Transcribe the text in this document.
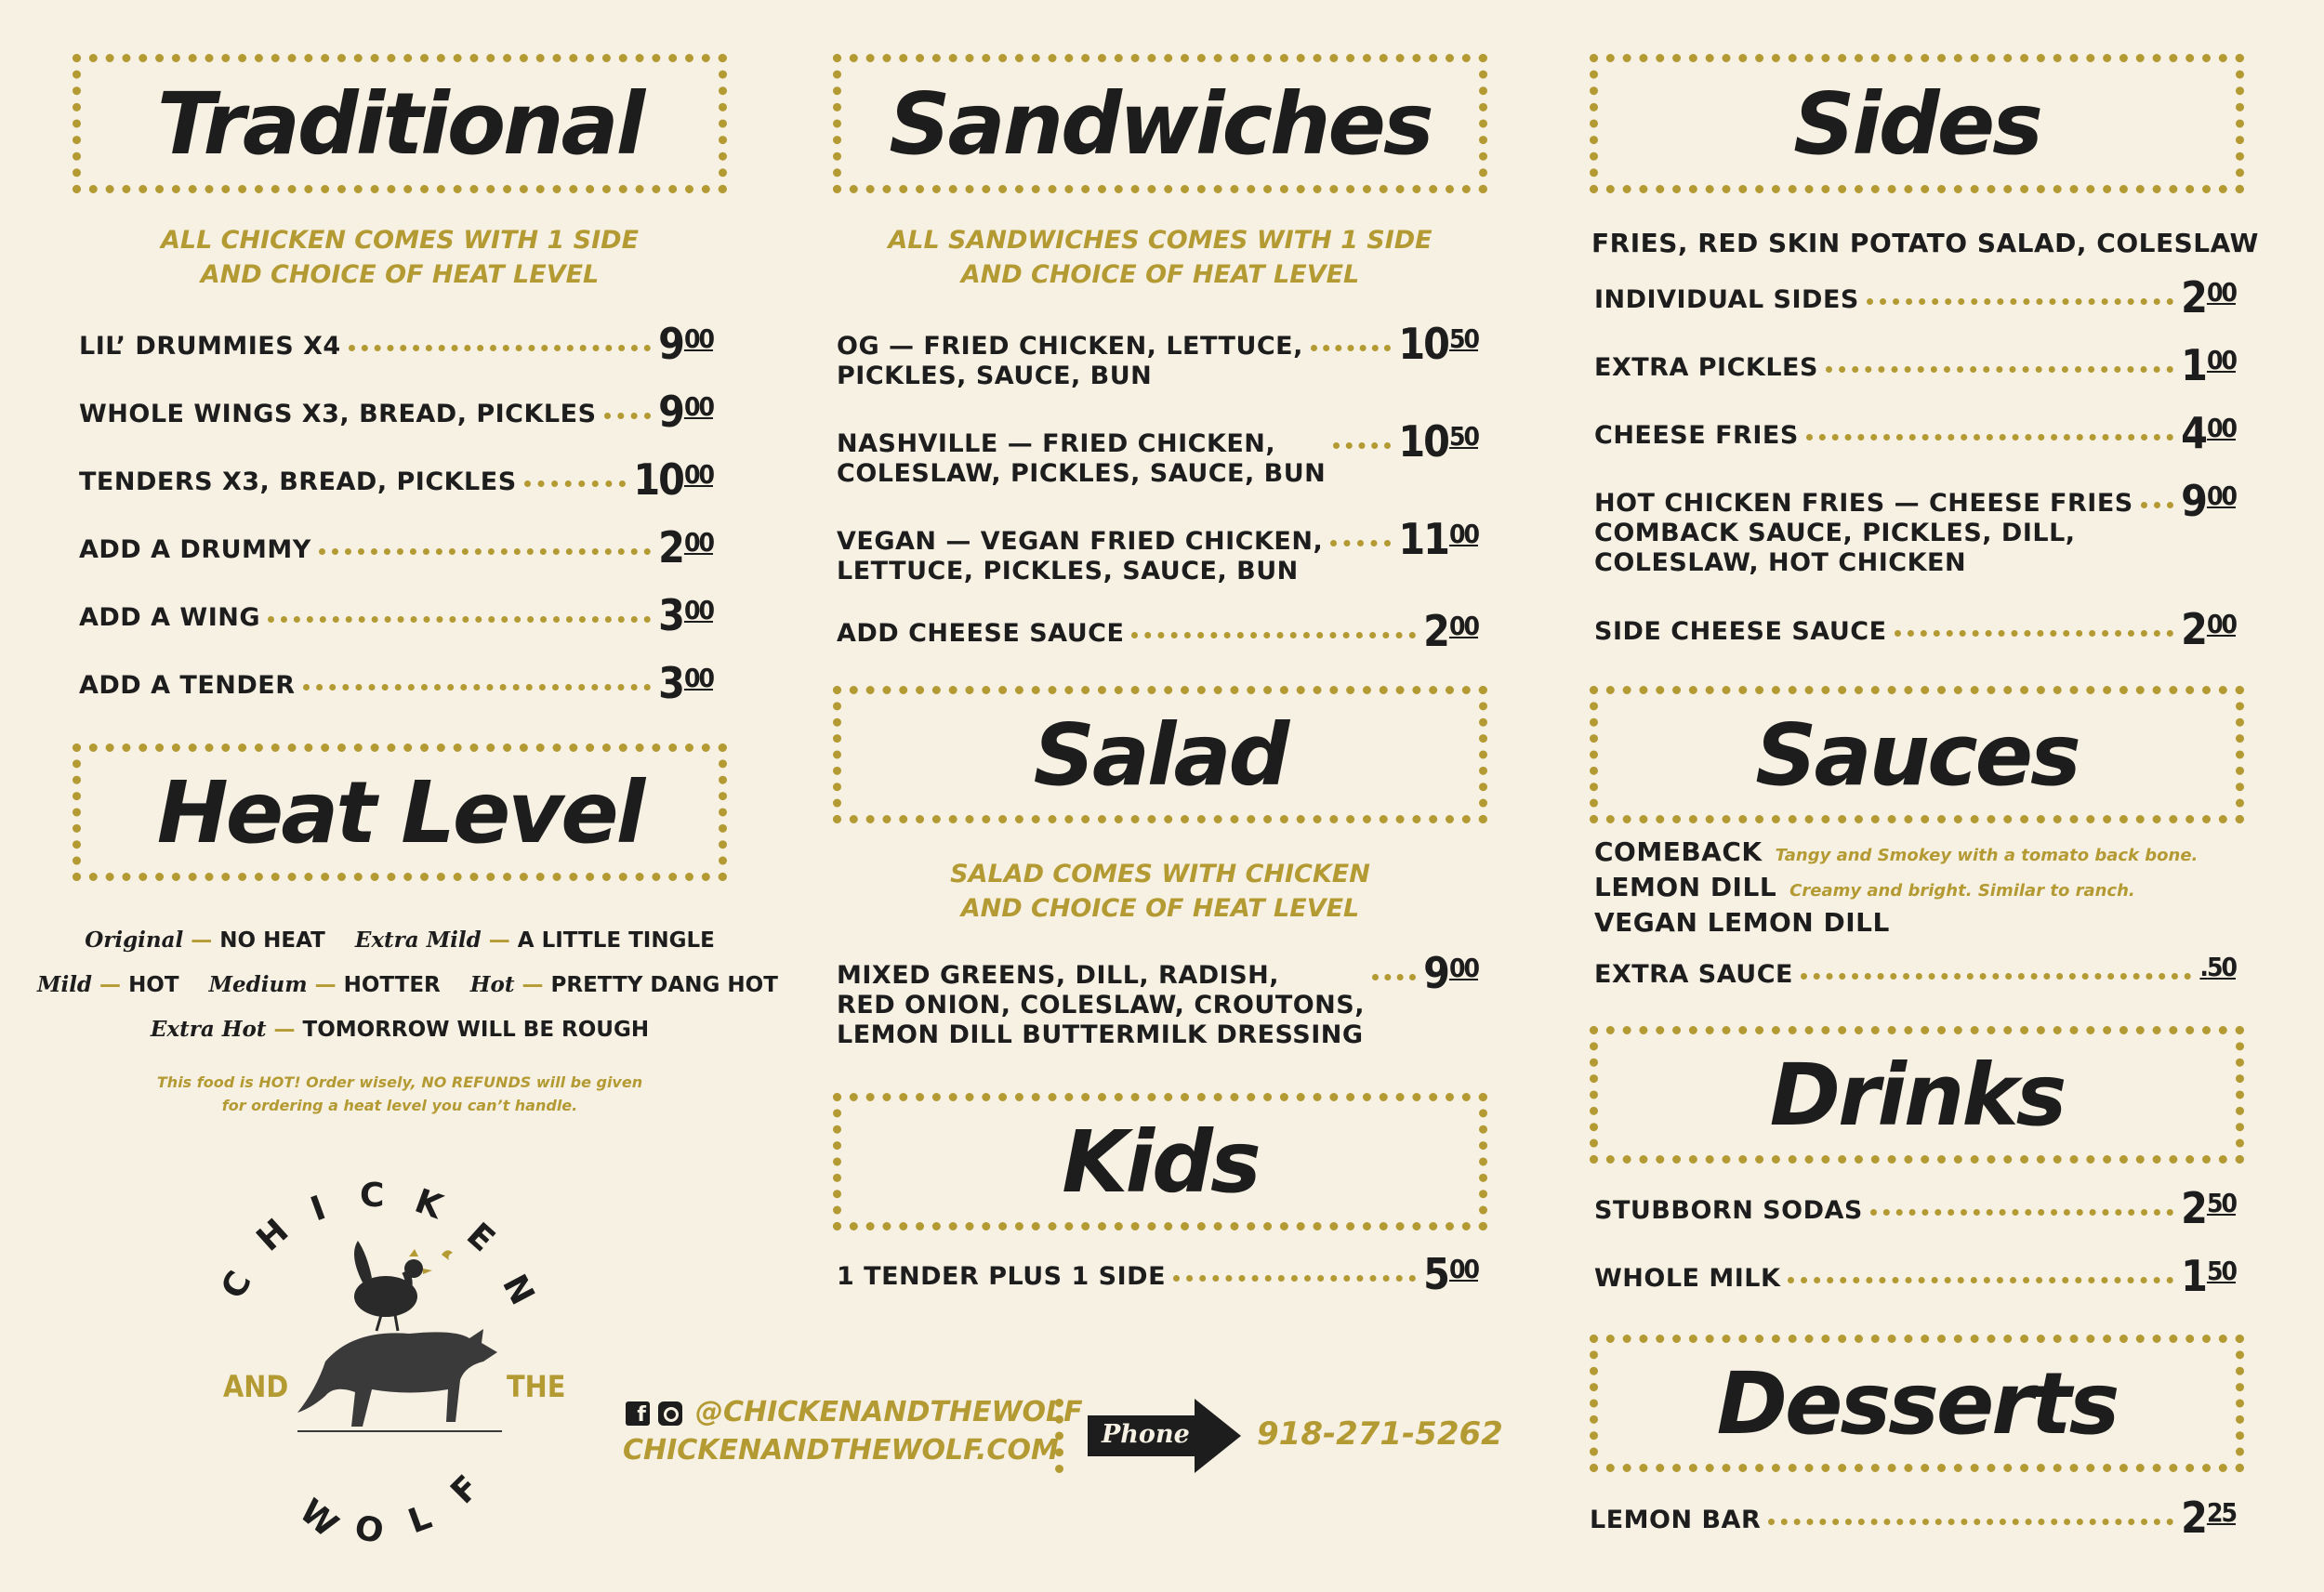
Traditional
ALL CHICKEN COMES WITH 1 SIDE
AND CHOICE OF HEAT LEVEL
LIL’ DRUMMIES X4	9 00
WHOLE WINGS X3, BREAD, PICKLES 9 00
TENDERS X3, BREAD, PICKLES	10 00
ADD A DRUMMY	2 00
ADD A WING	3 00
ADD A TENDER	3 00
Heat Level
Original — NO HEAT Extra Mild — A LITTLE TINGLE
Mild — HOT Medium — HOTTER Hot — PRETTY DANG HOT
Extra Hot — TOMORROW WILL BE ROUGH
This food is HOT! Order wisely, NO REFUNDS will be given
for ordering a heat level you can’t handle.
C
H
I C K
E
N
W O L
F
AND	THE
Sandwiches
ALL SANDWICHES COMES WITH 1 SIDE
AND CHOICE OF HEAT LEVEL
OG — FRIED CHICKEN, LETTUCE,
PICKLES, SAUCE, BUN
10 50
NASHVILLE — FRIED CHICKEN,
COLESLAW, PICKLES, SAUCE, BUN
10 50
VEGAN — VEGAN FRIED CHICKEN,
LETTUCE, PICKLES, SAUCE, BUN
11 00
ADD CHEESE SAUCE	2 00
Salad
SALAD COMES WITH CHICKEN
AND CHOICE OF HEAT LEVEL
MIXED GREENS, DILL, RADISH,
RED ONION, COLESLAW, CROUTONS,
LEMON DILL BUTTERMILK DRESSING
9 00
Kids
1 TENDER PLUS 1 SIDE	5 00
f @CHICKENANDTHEWOLF
CHICKENANDTHEWOLF.COM Phone 918-271-5262
Sides
FRIES, RED SKIN POTATO SALAD, COLESLAW
INDIVIDUAL SIDES	2 00
EXTRA PICKLES	1 00
CHEESE FRIES	4 00
HOT CHICKEN FRIES — CHEESE FRIES
COMBACK SAUCE, PICKLES, DILL,
COLESLAW, HOT CHICKEN
9 00
SIDE CHEESE SAUCE	2 00
Sauces
COMEBACK Tangy and Smokey with a tomato back bone.
LEMON DILL Creamy and bright. Similar to ranch.
VEGAN LEMON DILL
EXTRA SAUCE	.50
Drinks
STUBBORN SODAS	2 50
WHOLE MILK	1 50
Desserts
LEMON BAR	2 25
